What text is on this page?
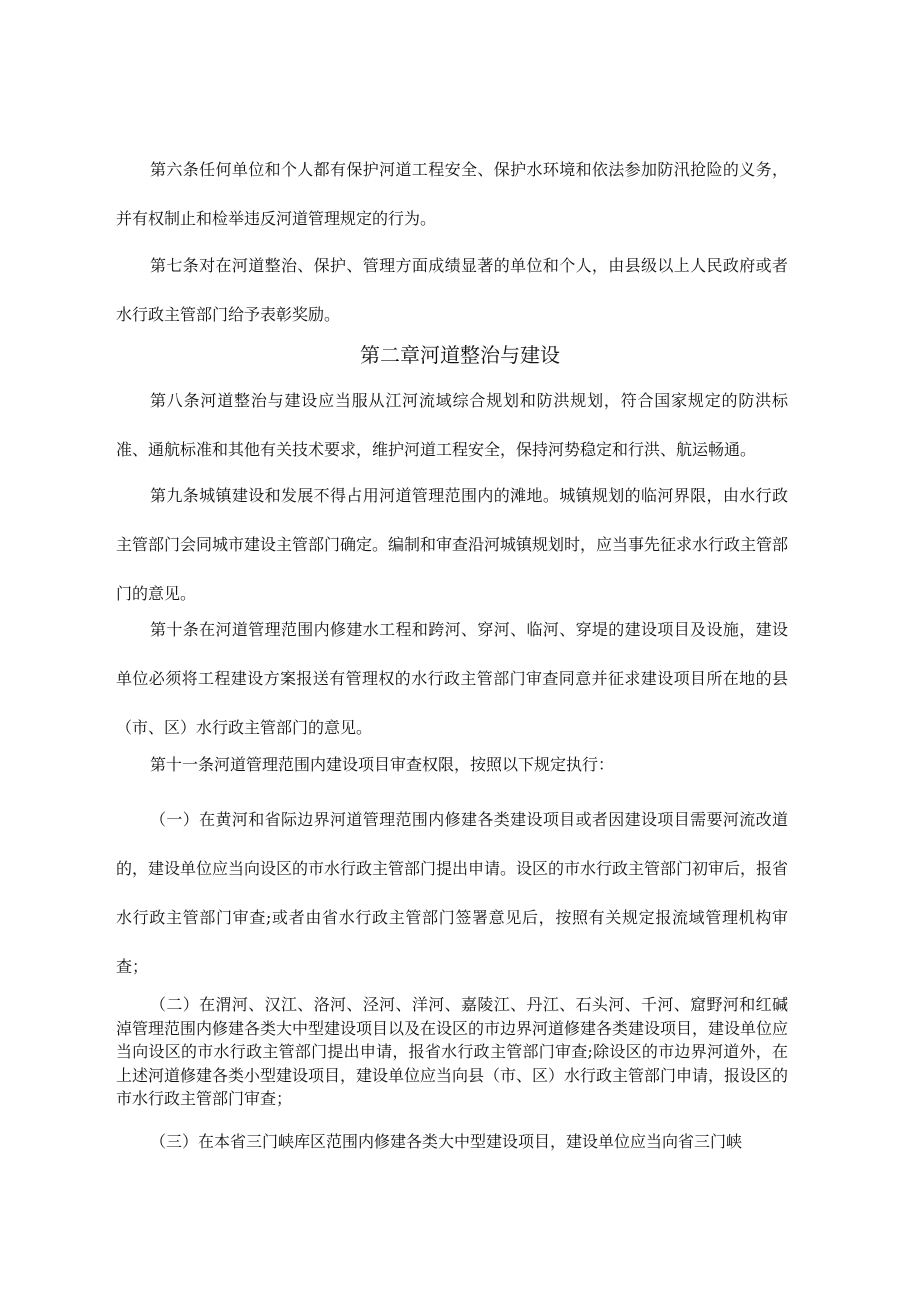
第六条任何单位和个人都有保护河道工程安全、保护水环境和依法参加防汛抢险的义务，并有权制止和检举违反河道管理规定的行为。

第七条对在河道整治、保护、管理方面成绩显著的单位和个人，由县级以上人民政府或者水行政主管部门给予表彰奖励。

第二章河道整治与建设

第八条河道整治与建设应当服从江河流域综合规划和防洪规划，符合国家规定的防洪标准、通航标准和其他有关技术要求，维护河道工程安全，保持河势稳定和行洪、航运畅通。

第九条城镇建设和发展不得占用河道管理范围内的滩地。城镇规划的临河界限，由水行政主管部门会同城市建设主管部门确定。编制和审查沿河城镇规划时，应当事先征求水行政主管部门的意见。

第十条在河道管理范围内修建水工程和跨河、穿河、临河、穿堤的建设项目及设施，建设单位必须将工程建设方案报送有管理权的水行政主管部门审查同意并征求建设项目所在地的县（市、区）水行政主管部门的意见。

第十一条河道管理范围内建设项目审查权限，按照以下规定执行：

（一）在黄河和省际边界河道管理范围内修建各类建设项目或者因建设项目需要河流改道的，建设单位应当向设区的市水行政主管部门提出申请。设区的市水行政主管部门初审后，报省水行政主管部门审查;或者由省水行政主管部门签署意见后，按照有关规定报流域管理机构审查；

（二）在渭河、汉江、洛河、泾河、洋河、嘉陵江、丹江、石头河、千河、窟野河和红碱淖管理范围内修建各类大中型建设项目以及在设区的市边界河道修建各类建设项目，建设单位应当向设区的市水行政主管部门提出申请，报省水行政主管部门审查;除设区的市边界河道外，在上述河道修建各类小型建设项目，建设单位应当向县（市、区）水行政主管部门申请，报设区的市水行政主管部门审查；

（三）在本省三门峡库区范围内修建各类大中型建设项目，建设单位应当向省三门峡
